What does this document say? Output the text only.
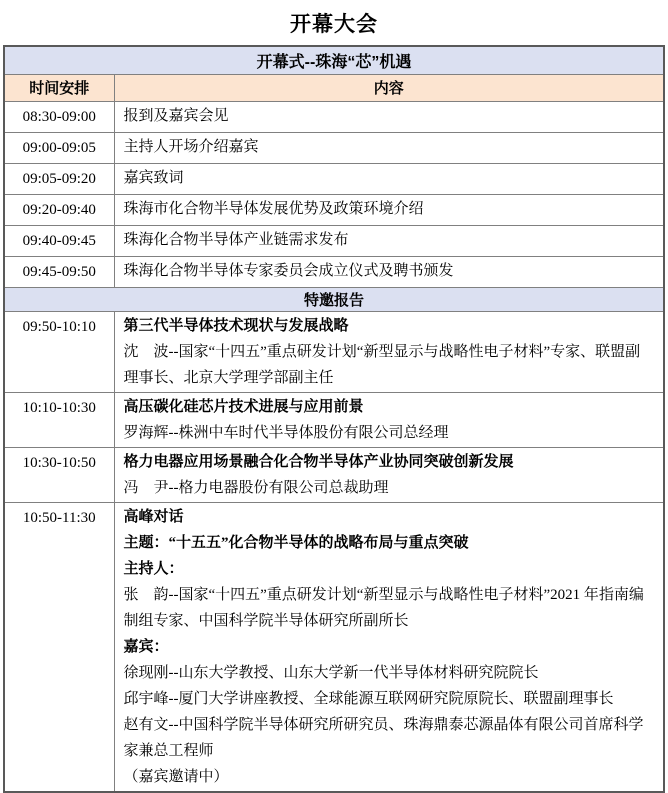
开幕大会
开幕式--珠海“芯”机遇	
时间安排	内容
08:30-09:00	报到及嘉宾会见

09:00-09:05	主持人开场介绍嘉宾

09:05-09:20	嘉宾致词

09:20-09:40	珠海市化合物半导体发展优势及政策环境介绍

09:40-09:45	珠海化合物半导体产业链需求发布

09:45-09:50	珠海化合物半导体专家委员会成立仪式及聘书颁发

特邀报告	
09:50-10:10	第三代半导体技术现状与发展战略
沈　波--国家“十四五”重点研发计划“新型显示与战略性电子材料”专家、联盟副理事长、北京大学理学部副主任

10:10-10:30	高压碳化硅芯片技术进展与应用前景
罗海辉--株洲中车时代半导体股份有限公司总经理

10:30-10:50	格力电器应用场景融合化合物半导体产业协同突破创新发展
冯　尹--格力电器股份有限公司总裁助理

10:50-11:30	高峰对话
主题：“十五五”化合物半导体的战略布局与重点突破
主持人：
张　韵--国家“十四五”重点研发计划“新型显示与战略性电子材料”2021 年指南编制组专家、中国科学院半导体研究所副所长
嘉宾：
徐现刚--山东大学教授、山东大学新一代半导体材料研究院院长
邱宇峰--厦门大学讲座教授、全球能源互联网研究院原院长、联盟副理事长
赵有文--中国科学院半导体研究所研究员、珠海鼎泰芯源晶体有限公司首席科学家兼总工程师
（嘉宾邀请中）
